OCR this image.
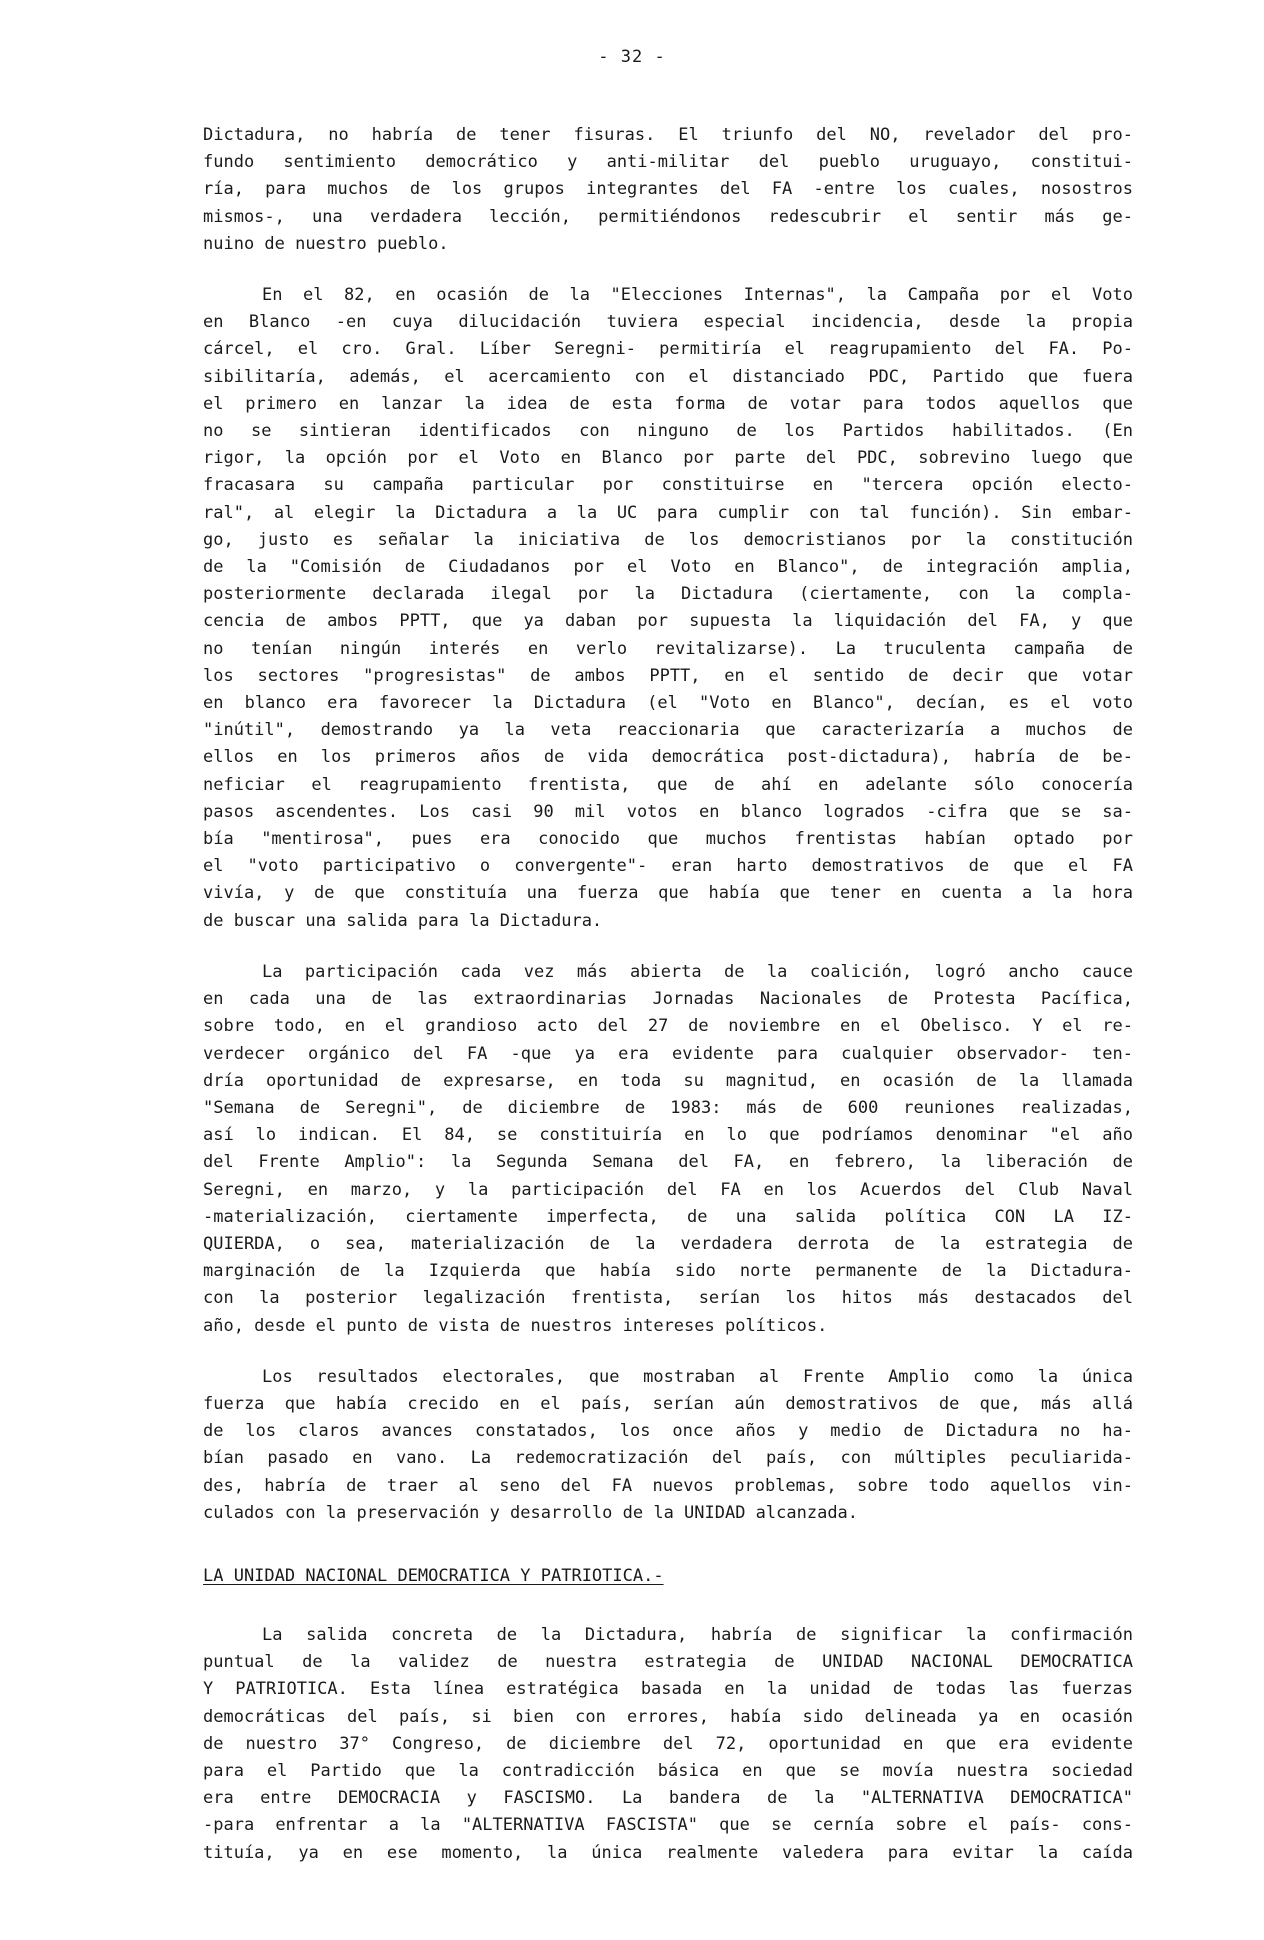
- 32 -
Dictadura, no habría de tener fisuras. El triunfo del NO, revelador del pro-
fundo sentimiento democrático y anti-militar del pueblo uruguayo, constitui-
ría, para muchos de los grupos integrantes del FA -entre los cuales, nosostros
mismos-, una verdadera lección, permitiéndonos redescubrir el sentir más ge-
nuino de nuestro pueblo.
En el 82, en ocasión de la "Elecciones Internas", la Campaña por el Voto
en Blanco -en cuya dilucidación tuviera especial incidencia, desde la propia
cárcel, el cro. Gral. Líber Seregni- permitiría el reagrupamiento del FA. Po-
sibilitaría, además, el acercamiento con el distanciado PDC, Partido que fuera
el primero en lanzar la idea de esta forma de votar para todos aquellos que
no se sintieran identificados con ninguno de los Partidos habilitados. (En
rigor, la opción por el Voto en Blanco por parte del PDC, sobrevino luego que
fracasara su campaña particular por constituirse en "tercera opción electo-
ral", al elegir la Dictadura a la UC para cumplir con tal función). Sin embar-
go, justo es señalar la iniciativa de los democristianos por la constitución
de la "Comisión de Ciudadanos por el Voto en Blanco", de integración amplia,
posteriormente declarada ilegal por la Dictadura (ciertamente, con la compla-
cencia de ambos PPTT, que ya daban por supuesta la liquidación del FA, y que
no tenían ningún interés en verlo revitalizarse). La truculenta campaña de
los sectores "progresistas" de ambos PPTT, en el sentido de decir que votar
en blanco era favorecer la Dictadura (el "Voto en Blanco", decían, es el voto
"inútil", demostrando ya la veta reaccionaria que caracterizaría a muchos de
ellos en los primeros años de vida democrática post-dictadura), habría de be-
neficiar el reagrupamiento frentista, que de ahí en adelante sólo conocería
pasos ascendentes. Los casi 90 mil votos en blanco logrados -cifra que se sa-
bía "mentirosa", pues era conocido que muchos frentistas habían optado por
el "voto participativo o convergente"- eran harto demostrativos de que el FA
vivía, y de que constituía una fuerza que había que tener en cuenta a la hora
de buscar una salida para la Dictadura.
La participación cada vez más abierta de la coalición, logró ancho cauce
en cada una de las extraordinarias Jornadas Nacionales de Protesta Pacífica,
sobre todo, en el grandioso acto del 27 de noviembre en el Obelisco. Y el re-
verdecer orgánico del FA -que ya era evidente para cualquier observador- ten-
dría oportunidad de expresarse, en toda su magnitud, en ocasión de la llamada
"Semana de Seregni", de diciembre de 1983: más de 600 reuniones realizadas,
así lo indican. El 84, se constituiría en lo que podríamos denominar "el año
del Frente Amplio": la Segunda Semana del FA, en febrero, la liberación de
Seregni, en marzo, y la participación del FA en los Acuerdos del Club Naval
-materialización, ciertamente imperfecta, de una salida política CON LA IZ-
QUIERDA, o sea, materialización de la verdadera derrota de la estrategia de
marginación de la Izquierda que había sido norte permanente de la Dictadura-
con la posterior legalización frentista, serían los hitos más destacados del
año, desde el punto de vista de nuestros intereses políticos.
Los resultados electorales, que mostraban al Frente Amplio como la única
fuerza que había crecido en el país, serían aún demostrativos de que, más allá
de los claros avances constatados, los once años y medio de Dictadura no ha-
bían pasado en vano. La redemocratización del país, con múltiples peculiarida-
des, habría de traer al seno del FA nuevos problemas, sobre todo aquellos vin-
culados con la preservación y desarrollo de la UNIDAD alcanzada.
LA UNIDAD NACIONAL DEMOCRATICA Y PATRIOTICA.-
La salida concreta de la Dictadura, habría de significar la confirmación
puntual de la validez de nuestra estrategia de UNIDAD NACIONAL DEMOCRATICA
Y PATRIOTICA. Esta línea estratégica basada en la unidad de todas las fuerzas
democráticas del país, si bien con errores, había sido delineada ya en ocasión
de nuestro 37° Congreso, de diciembre del 72, oportunidad en que era evidente
para el Partido que la contradicción básica en que se movía nuestra sociedad
era entre DEMOCRACIA y FASCISMO. La bandera de la "ALTERNATIVA DEMOCRATICA"
-para enfrentar a la "ALTERNATIVA FASCISTA" que se cernía sobre el país- cons-
tituía, ya en ese momento, la única realmente valedera para evitar la caída
